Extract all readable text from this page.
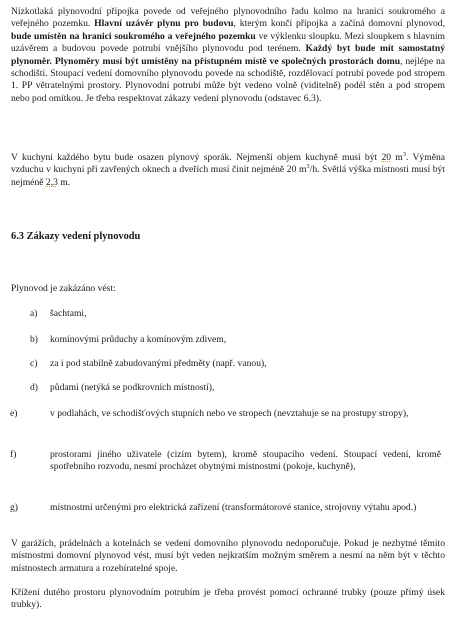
Nízkotlaká plynovodní přípojka povede od veřejného plynovodního řadu kolmo na hranici soukromého a veřejného pozemku. Hlavní uzávěr plynu pro budovu, kterým končí přípojka a začíná domovní plynovod, bude umístěn na hranici soukromého a veřejného pozemku ve výklenku sloupku. Mezi sloupkem s hlavním uzávěrem a budovou povede potrubí vnějšího plynovodu pod terénem. Každý byt bude mít samostatný plynoměr. Plynoměry musí být umístěny na přístupném místě ve společných prostorách domu, nejlépe na schodišti. Stoupací vedení domovního plynovodu povede na schodiště, rozdělovací potrubí povede pod stropem 1. PP větratelnými prostory. Plynovodní potrubí může být vedeno volně (viditelně) podél stěn a pod stropem nebo pod omítkou. Je třeba respektovat zákazy vedení plynovodu (odstavec 6.3).

V kuchyni každého bytu bude osazen plynový sporák. Nejmenší objem kuchyně musí být 20 $m^3$. Výměna vzduchu v kuchyni při zavřených oknech a dveřích musí činit nejméně 20 $m^3/h$. Světlá výška místnosti musí být nejméně 2,3 m.

6.3 Zákazy vedení plynovodu

Plynovod je zakázáno vést:

a) šachtami,
b) komínovými průduchy a komínovým zdivem,
c) za i pod stabilně zabudovanými předměty (např. vanou),
d) půdami (netýká se podkrovních místností),
e)	v podlahách, ve schodišťových stupních nebo ve stropech (nevztahuje se na prostupy stropy),
f)	prostorami jiného uživatele (cizím bytem), kromě stoupacího vedení. Stoupací vedení, kromě spotřebního rozvodu, nesmí procházet obytnými místnostmi (pokoje, kuchyně),
g)	místnostmi určenými pro elektrická zařízení (transformátorové stanice, strojovny výtahu apod.)

V garážích, prádelnách a kotelnách se vedení domovního plynovodu nedoporučuje. Pokud je nezbytné těmito místnostmi domovní plynovod vést, musí být veden nejkratším možným směrem a nesmí na něm být v těchto místnostech armatura a rozebíratelné spoje.

Křížení dutého prostoru plynovodním potrubím je třeba provést pomocí ochranné trubky (pouze přímý úsek trubky).
